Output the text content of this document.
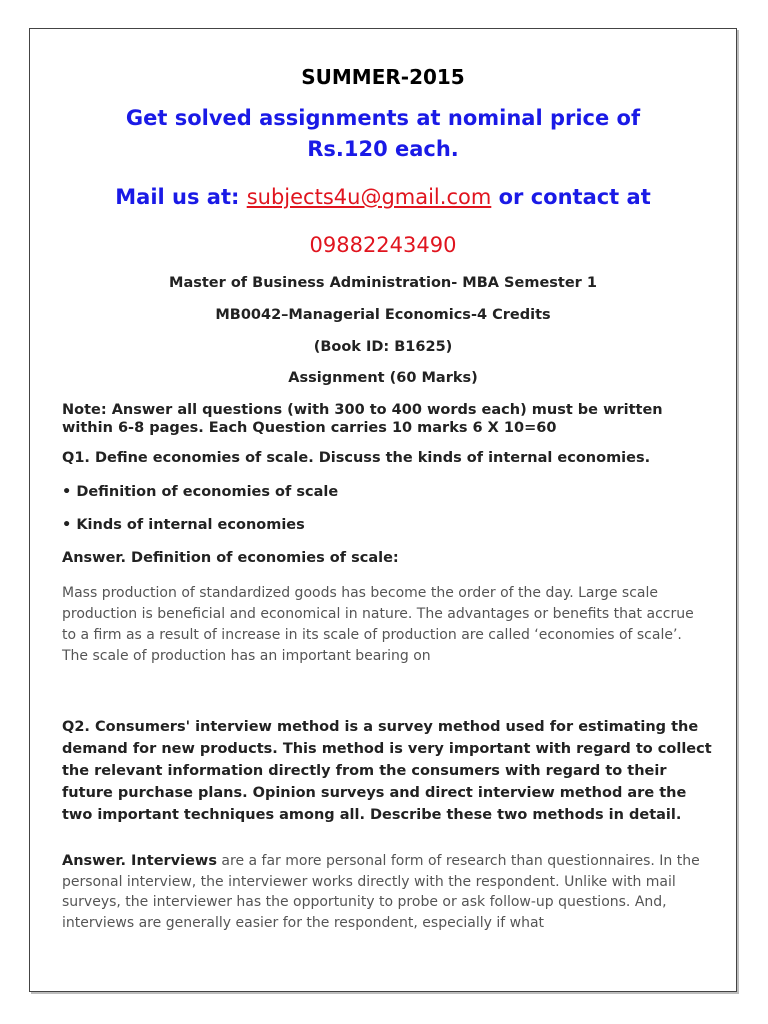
SUMMER-2015
Get solved assignments at nominal price of
Rs.120 each.
Mail us at: subjects4u@gmail.com or contact at
09882243490
Master of Business Administration- MBA Semester 1
MB0042–Managerial Economics-4 Credits
(Book ID: B1625)
Assignment (60 Marks)

Note: Answer all questions (with 300 to 400 words each) must be written within 6-8 pages. Each Question carries 10 marks 6 X 10=60

Q1. Define economies of scale. Discuss the kinds of internal economies.

• Definition of economies of scale

• Kinds of internal economies

Answer. Definition of economies of scale:

Mass production of standardized goods has become the order of the day. Large scale production is beneficial and economical in nature. The advantages or benefits that accrue to a firm as a result of increase in its scale of production are called ‘economies of scale’. The scale of production has an important bearing on

Q2. Consumers' interview method is a survey method used for estimating the demand for new products. This method is very important with regard to collect the relevant information directly from the consumers with regard to their future purchase plans. Opinion surveys and direct interview method are the two important techniques among all. Describe these two methods in detail.

Answer. Interviews are a far more personal form of research than questionnaires. In the personal interview, the interviewer works directly with the respondent. Unlike with mail surveys, the interviewer has the opportunity to probe or ask follow-up questions. And, interviews are generally easier for the respondent, especially if what
